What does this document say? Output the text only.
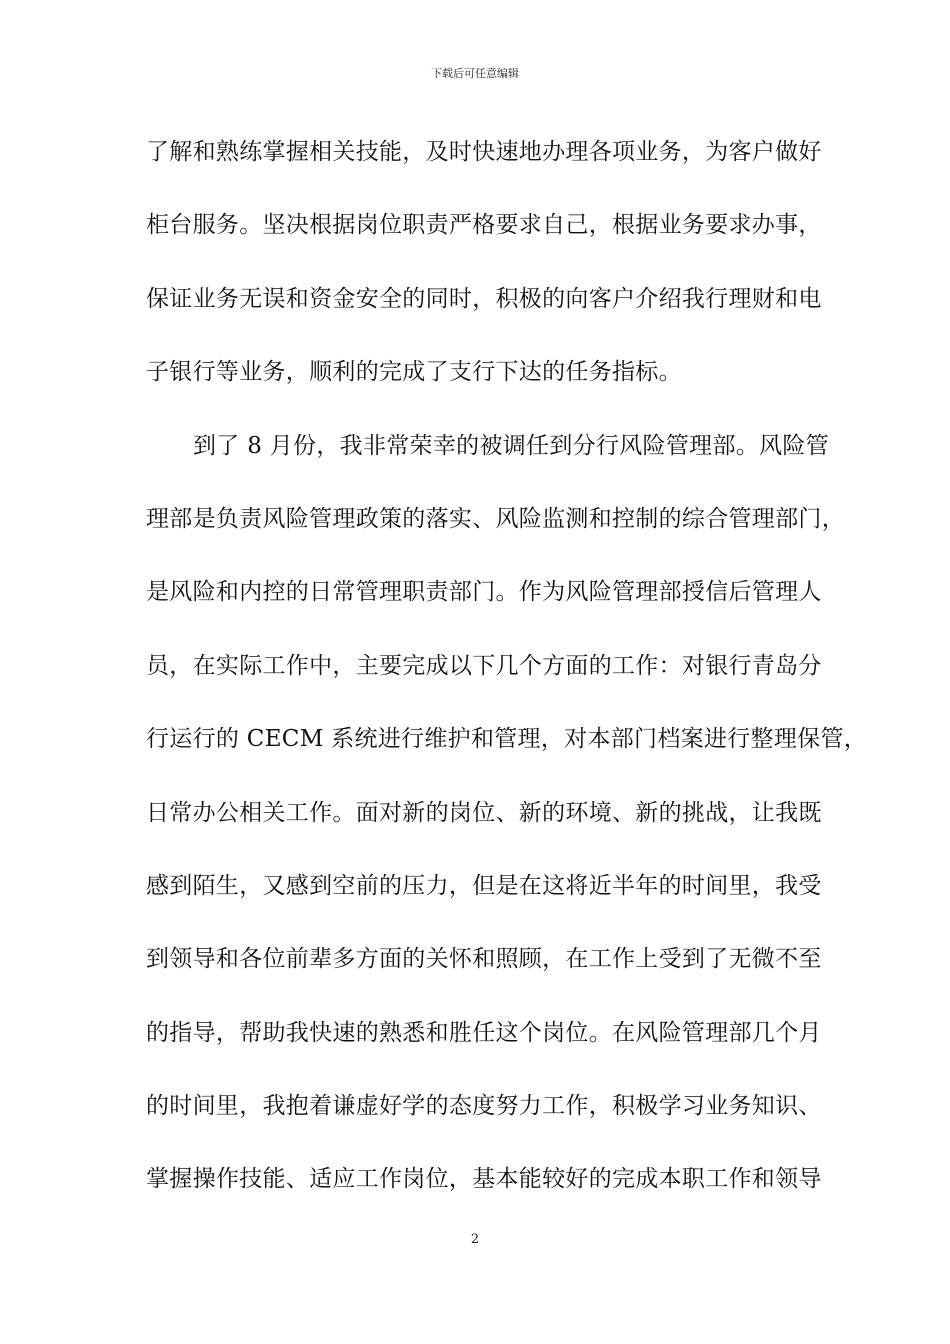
下载后可任意编辑
了解和熟练掌握相关技能，及时快速地办理各项业务，为客户做好
柜台服务。坚决根据岗位职责严格要求自己，根据业务要求办事，
保证业务无误和资金安全的同时，积极的向客户介绍我行理财和电
子银行等业务，顺利的完成了支行下达的任务指标。
到了 8 月份，我非常荣幸的被调任到分行风险管理部。风险管
理部是负责风险管理政策的落实、风险监测和控制的综合管理部门，
是风险和内控的日常管理职责部门。作为风险管理部授信后管理人
员，在实际工作中，主要完成以下几个方面的工作：对银行青岛分
行运行的 CECM 系统进行维护和管理，对本部门档案进行整理保管，
日常办公相关工作。面对新的岗位、新的环境、新的挑战，让我既
感到陌生，又感到空前的压力，但是在这将近半年的时间里，我受
到领导和各位前辈多方面的关怀和照顾，在工作上受到了无微不至
的指导，帮助我快速的熟悉和胜任这个岗位。在风险管理部几个月
的时间里，我抱着谦虚好学的态度努力工作，积极学习业务知识、
掌握操作技能、适应工作岗位，基本能较好的完成本职工作和领导
2
